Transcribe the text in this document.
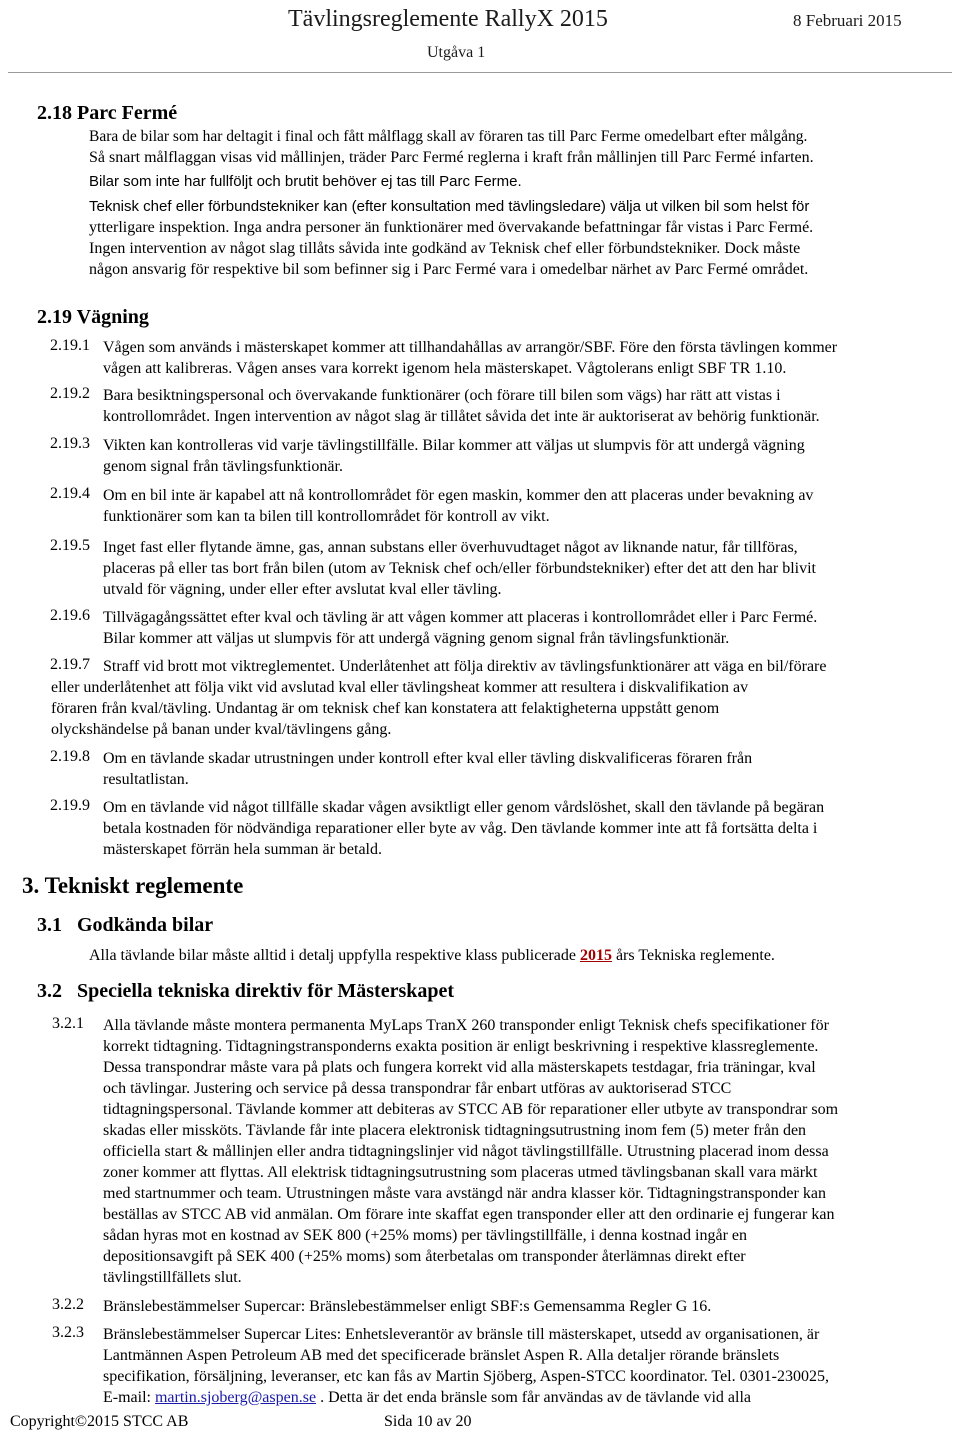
Tävlingsreglemente RallyX 2015	8 Februari 2015
Utgåva 1
2.18 Parc Fermé
Bara de bilar som har deltagit i final och fått målflagg skall av föraren tas till Parc Ferme omedelbart efter målgång.
Så snart målflaggan visas vid mållinjen, träder Parc Fermé reglerna i kraft från mållinjen till Parc Fermé infarten.
Bilar som inte har fullföljt och brutit behöver ej tas till Parc Ferme.
Teknisk chef eller förbundstekniker kan (efter konsultation med tävlingsledare) välja ut vilken bil som helst för
ytterligare inspektion. Inga andra personer än funktionärer med övervakande befattningar får vistas i Parc Fermé.
Ingen intervention av något slag tillåts såvida inte godkänd av Teknisk chef eller förbundstekniker. Dock måste
någon ansvarig för respektive bil som befinner sig i Parc Fermé vara i omedelbar närhet av Parc Fermé området.
2.19 Vägning
2.19.1 Vågen som används i mästerskapet kommer att tillhandahållas av arrangör/SBF. Före den första tävlingen kommer
vågen att kalibreras. Vågen anses vara korrekt igenom hela mästerskapet. Vågtolerans enligt SBF TR 1.10.
2.19.2 Bara besiktningspersonal och övervakande funktionärer (och förare till bilen som vägs) har rätt att vistas i
kontrollområdet. Ingen intervention av något slag är tillåtet såvida det inte är auktoriserat av behörig funktionär.
2.19.3 Vikten kan kontrolleras vid varje tävlingstillfälle. Bilar kommer att väljas ut slumpvis för att undergå vägning
genom signal från tävlingsfunktionär.
2.19.4 Om en bil inte är kapabel att nå kontrollområdet för egen maskin, kommer den att placeras under bevakning av
funktionärer som kan ta bilen till kontrollområdet för kontroll av vikt.
2.19.5 Inget fast eller flytande ämne, gas, annan substans eller överhuvudtaget något av liknande natur, får tillföras,
placeras på eller tas bort från bilen (utom av Teknisk chef och/eller förbundstekniker) efter det att den har blivit
utvald för vägning, under eller efter avslutat kval eller tävling.
2.19.6 Tillvägagångssättet efter kval och tävling är att vågen kommer att placeras i kontrollområdet eller i Parc Fermé.
Bilar kommer att väljas ut slumpvis för att undergå vägning genom signal från tävlingsfunktionär.
2.19.7 Straff vid brott mot viktreglementet. Underlåtenhet att följa direktiv av tävlingsfunktionärer att väga en bil/förare
eller underlåtenhet att följa vikt vid avslutad kval eller tävlingsheat kommer att resultera i diskvalifikation av
föraren från kval/tävling. Undantag är om teknisk chef kan konstatera att felaktigheterna uppstått genom
olyckshändelse på banan under kval/tävlingens gång.
2.19.8 Om en tävlande skadar utrustningen under kontroll efter kval eller tävling diskvalificeras föraren från
resultatlistan.
2.19.9 Om en tävlande vid något tillfälle skadar vågen avsiktligt eller genom vårdslöshet, skall den tävlande på begäran
betala kostnaden för nödvändiga reparationer eller byte av våg. Den tävlande kommer inte att få fortsätta delta i
mästerskapet förrän hela summan är betald.
3. Tekniskt reglemente
3.1   Godkända bilar
Alla tävlande bilar måste alltid i detalj uppfylla respektive klass publicerade 2015 års Tekniska reglemente.
3.2   Speciella tekniska direktiv för Mästerskapet
3.2.1 Alla tävlande måste montera permanenta MyLaps TranX 260 transponder enligt Teknisk chefs specifikationer för
korrekt tidtagning. Tidtagningstransponderns exakta position är enligt beskrivning i respektive klassreglemente.
Dessa transpondrar måste vara på plats och fungera korrekt vid alla mästerskapets testdagar, fria träningar, kval
och tävlingar. Justering och service på dessa transpondrar får enbart utföras av auktoriserad STCC
tidtagningspersonal. Tävlande kommer att debiteras av STCC AB för reparationer eller utbyte av transpondrar som
skadas eller missköts. Tävlande får inte placera elektronisk tidtagningsutrustning inom fem (5) meter från den
officiella start & mållinjen eller andra tidtagningslinjer vid något tävlingstillfälle. Utrustning placerad inom dessa
zoner kommer att flyttas. All elektrisk tidtagningsutrustning som placeras utmed tävlingsbanan skall vara märkt
med startnummer och team. Utrustningen måste vara avstängd när andra klasser kör. Tidtagningstransponder kan
beställas av STCC AB vid anmälan. Om förare inte skaffat egen transponder eller att den ordinarie ej fungerar kan
sådan hyras mot en kostnad av SEK 800 (+25% moms) per tävlingstillfälle, i denna kostnad ingår en
depositionsavgift på SEK 400 (+25% moms) som återbetalas om transponder återlämnas direkt efter
tävlingstillfällets slut.
3.2.2 Bränslebestämmelser Supercar: Bränslebestämmelser enligt SBF:s Gemensamma Regler G 16.
3.2.3 Bränslebestämmelser Supercar Lites: Enhetsleverantör av bränsle till mästerskapet, utsedd av organisationen, är
Lantmännen Aspen Petroleum AB med det specificerade bränslet Aspen R. Alla detaljer rörande bränslets
specifikation, försäljning, leveranser, etc kan fås av Martin Sjöberg, Aspen-STCC koordinator. Tel. 0301-230025,
E-mail: martin.sjoberg@aspen.se . Detta är det enda bränsle som får användas av de tävlande vid alla
Copyright©2015 STCC AB	Sida 10 av 20
